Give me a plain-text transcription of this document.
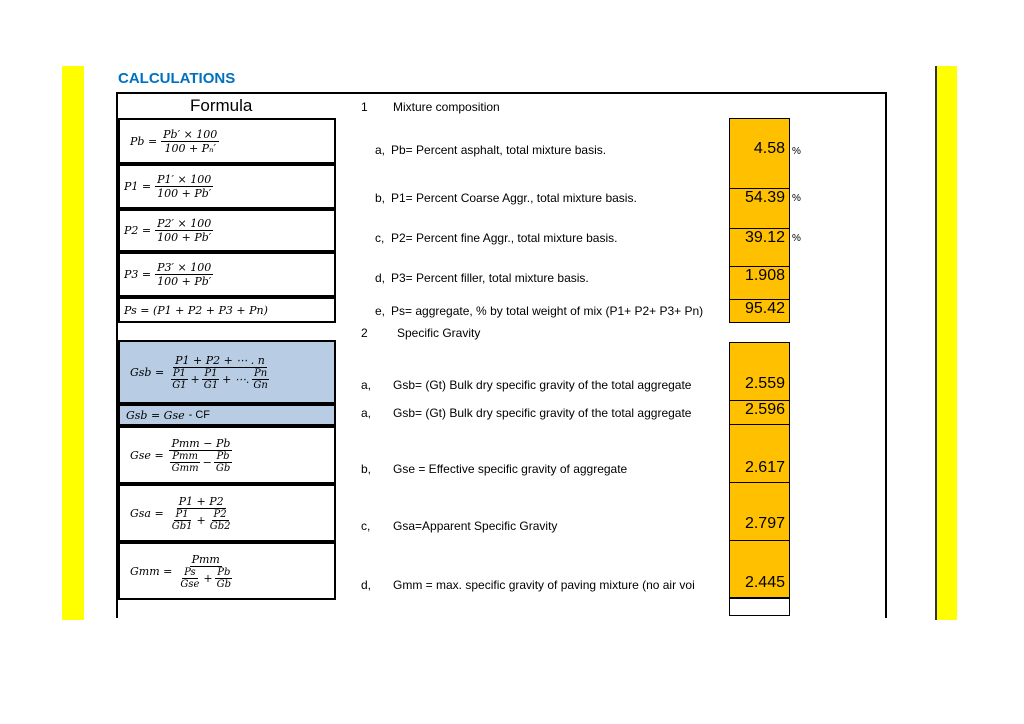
CALCULATIONS
Formula	1 Mixture composition
$Pb = \frac{Pb' \times 100}{\text{100 + Pₙ′}}$
$P1 = \frac{P1' \times 100}{100 + Pb'}$
$P2 = \frac{P2' \times 100}{100 + Pb'}$
$P3 = \frac{P3' \times 100}{100 + Pb'}$
Ps = (P1 + P2 + P3 + Pn)
a, Pb= Percent asphalt, total mixture basis.
b, P1= Percent Coarse Aggr., total mixture basis.
c, P2= Percent fine Aggr., total mixture basis.
d, P3= Percent filler, total mixture basis.
e, Ps= aggregate, % by total weight of mix (P1+ P2+ P3+ Pn)
4.58
54.39
39.12
1.908
95.42
%
%
%
2 Specific Gravity
Gsb = $\frac{P1 + P2 + \cdots . n}{\frac{P1}{G1} + \frac{P1}{G1} + \cdots. \frac{Pn}{Gn}}$
Gsb = Gse - CF
Gse = $\frac{\text{Pmm − Pb}}{\frac{\text{Pmm}}{\text{Gmm}} - \frac{Pb}{Gb}}$
Gsa = $\frac{P1 + P2}{\frac{P1}{Gb1} + \frac{P2}{Gb2}}$
Gmm = $\frac{\text{Pmm}}{\frac{Ps}{\text{Gse}} + \frac{Pb}{Gb}}$
a, Gsb= (Gt) Bulk dry specific gravity of the total aggregate
a, Gsb= (Gt) Bulk dry specific gravity of the total aggregate
b, Gse = Effective specific gravity of aggregate
c, Gsa=Apparent Specific Gravity
d, Gmm = max. specific gravity of paving mixture (no air voi
2.559
2.596
2.617
2.797
2.445
